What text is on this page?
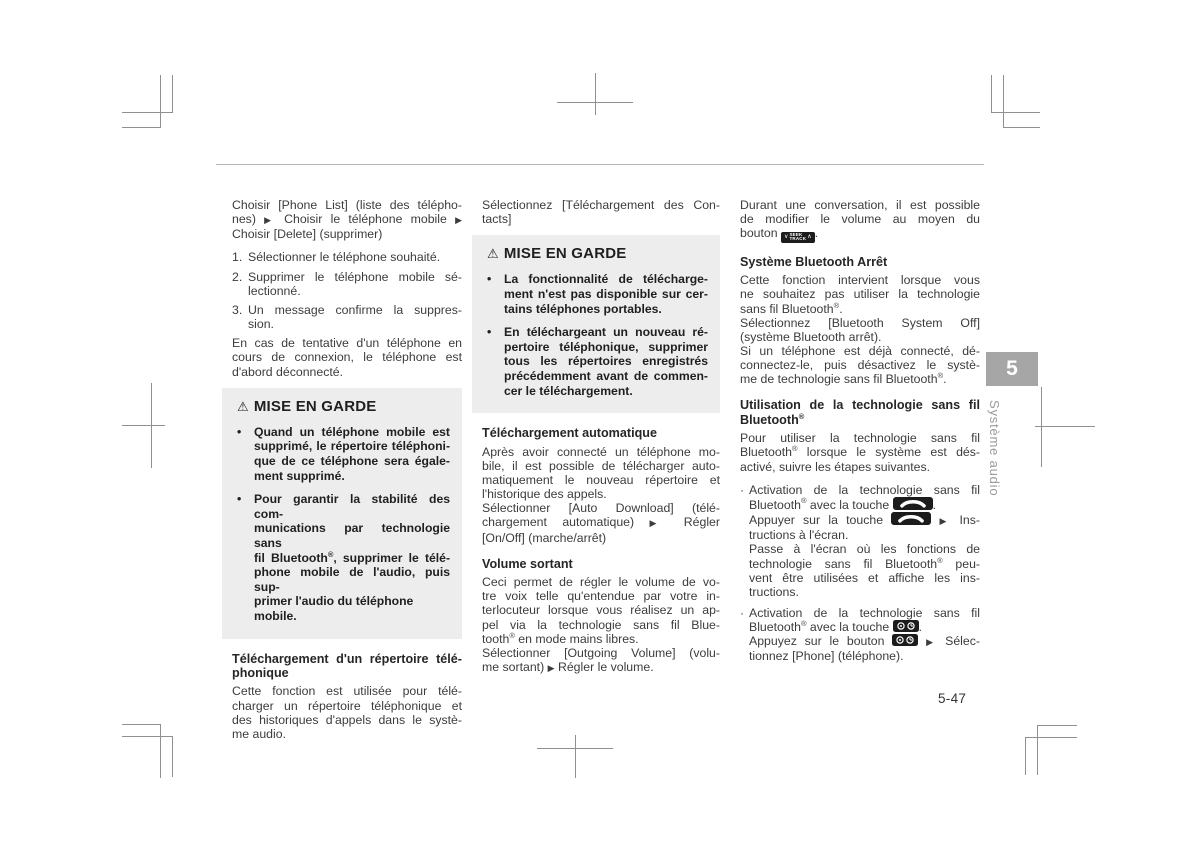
Choisir [Phone List] (liste des télépho-
nes) ▶ Choisir le téléphone mobile ▶
Choisir [Delete] (supprimer)
1. Sélectionner le téléphone souhaité.
2. Supprimer le téléphone mobile sé-
lectionné.
3. Un message confirme la suppres-
sion.
En cas de tentative d'un téléphone en
cours de connexion, le téléphone est
d'abord déconnecté.
⚠ MISE EN GARDE
•	Quand un téléphone mobile est
supprimé, le répertoire téléphoni-
que de ce téléphone sera égale-
ment supprimé.
•	Pour garantir la stabilité des com-
munications par technologie sans
fil Bluetooth®, supprimer le télé-
phone mobile de l'audio, puis sup-
primer l'audio du téléphone mobile.
Téléchargement d'un répertoire télé-
phonique
Cette fonction est utilisée pour télé-
charger un répertoire téléphonique et
des historiques d'appels dans le systè-
me audio.
Sélectionnez [Téléchargement des Con-
tacts]
⚠ MISE EN GARDE
•	La fonctionnalité de télécharge-
ment n'est pas disponible sur cer-
tains téléphones portables.
•	En téléchargeant un nouveau ré-
pertoire téléphonique, supprimer
tous les répertoires enregistrés
précédemment avant de commen-
cer le téléchargement.
Téléchargement automatique
Après avoir connecté un téléphone mo-
bile, il est possible de télécharger auto-
matiquement le nouveau répertoire et
l'historique des appels.
Sélectionner [Auto Download] (télé-
chargement automatique) ▶ Régler
[On/Off] (marche/arrêt)
Volume sortant
Ceci permet de régler le volume de vo-
tre voix telle qu'entendue par votre in-
terlocuteur lorsque vous réalisez un ap-
pel via la technologie sans fil Blue-
tooth® en mode mains libres.
Sélectionner [Outgoing Volume] (volu-
me sortant) ▶ Régler le volume.
Durant une conversation, il est possible
de modifier le volume au moyen du
bouton ∨
SEEK
TRACK ∧ .
Système Bluetooth Arrêt
Cette fonction intervient lorsque vous
ne souhaitez pas utiliser la technologie
sans fil Bluetooth®.
Sélectionnez [Bluetooth System Off]
(système Bluetooth arrêt).
Si un téléphone est déjà connecté, dé-
connectez-le, puis désactivez le systè-
me de technologie sans fil Bluetooth®.
Utilisation de la technologie sans fil
Bluetooth®
Pour utiliser la technologie sans fil
Bluetooth® lorsque le système est dés-
activé, suivre les étapes suivantes.
· Activation de la technologie sans fil
Bluetooth® avec la touche	.
Appuyer sur la touche	▶ Ins-
tructions à l'écran.
Passe à l'écran où les fonctions de
technologie sans fil Bluetooth® peu-
vent être utilisées et affiche les ins-
tructions.
· Activation de la technologie sans fil
Bluetooth® avec la touche
.
Appuyez sur le bouton	▶ Sélec-
tionnez [Phone] (téléphone).
5
Système audio
5-47
